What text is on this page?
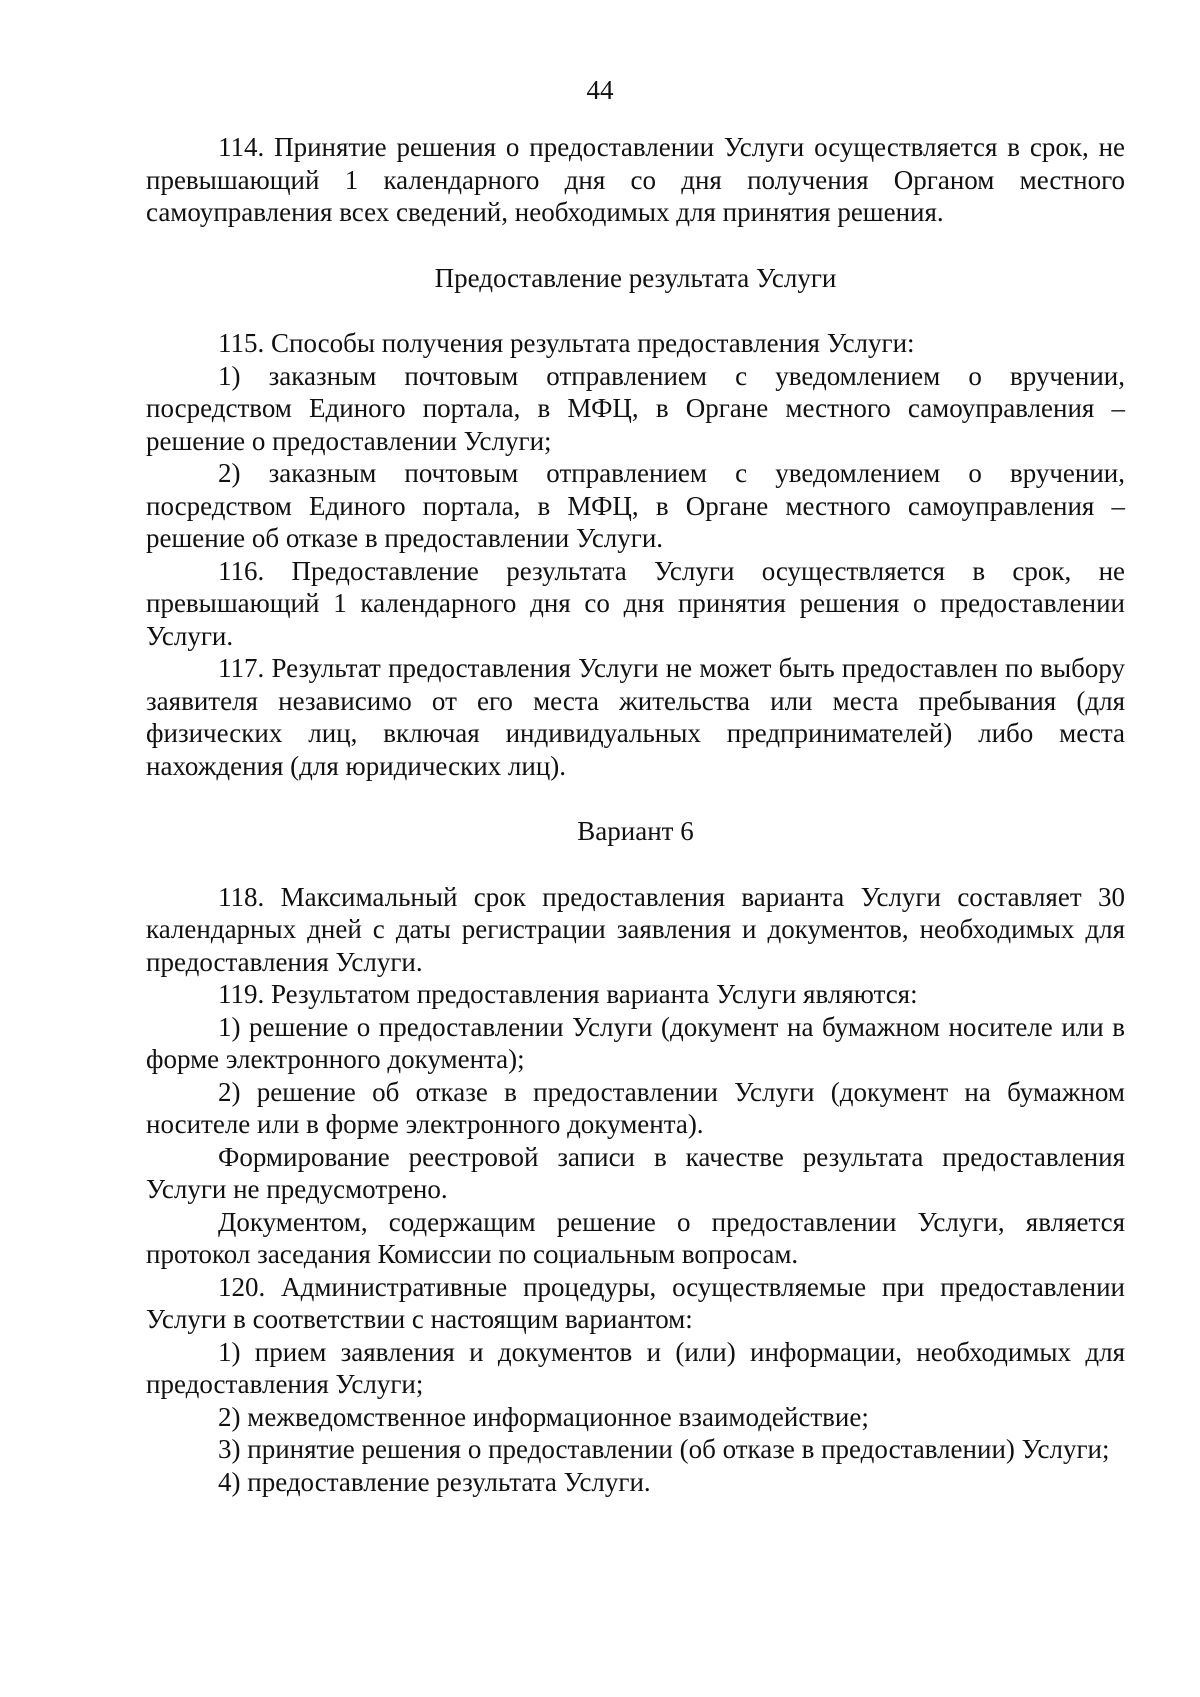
44

114. Принятие решения о предоставлении Услуги осуществляется в срок, не превышающий 1 календарного дня со дня получения Органом местного самоуправления всех сведений, необходимых для принятия решения.

Предоставление результата Услуги

115. Способы получения результата предоставления Услуги:

1) заказным почтовым отправлением с уведомлением о вручении, посредством Единого портала, в МФЦ, в Органе местного самоуправления – решение о предоставлении Услуги;

2) заказным почтовым отправлением с уведомлением о вручении, посредством Единого портала, в МФЦ, в Органе местного самоуправления – решение об отказе в предоставлении Услуги.

116. Предоставление результата Услуги осуществляется в срок, не превышающий 1 календарного дня со дня принятия решения о предоставлении Услуги.

117. Результат предоставления Услуги не может быть предоставлен по выбору заявителя независимо от его места жительства или места пребывания (для физических лиц, включая индивидуальных предпринимателей) либо места нахождения (для юридических лиц).

Вариант 6

118. Максимальный срок предоставления варианта Услуги составляет 30 календарных дней с даты регистрации заявления и документов, необходимых для предоставления Услуги.

119. Результатом предоставления варианта Услуги являются:

1) решение о предоставлении Услуги (документ на бумажном носителе или в форме электронного документа);

2) решение об отказе в предоставлении Услуги (документ на бумажном носителе или в форме электронного документа).

Формирование реестровой записи в качестве результата предоставления Услуги не предусмотрено.

Документом, содержащим решение о предоставлении Услуги, является протокол заседания Комиссии по социальным вопросам.

120. Административные процедуры, осуществляемые при предоставлении Услуги в соответствии с настоящим вариантом:

1) прием заявления и документов и (или) информации, необходимых для предоставления Услуги;

2) межведомственное информационное взаимодействие;

3) принятие решения о предоставлении (об отказе в предоставлении) Услуги;

4) предоставление результата Услуги.
